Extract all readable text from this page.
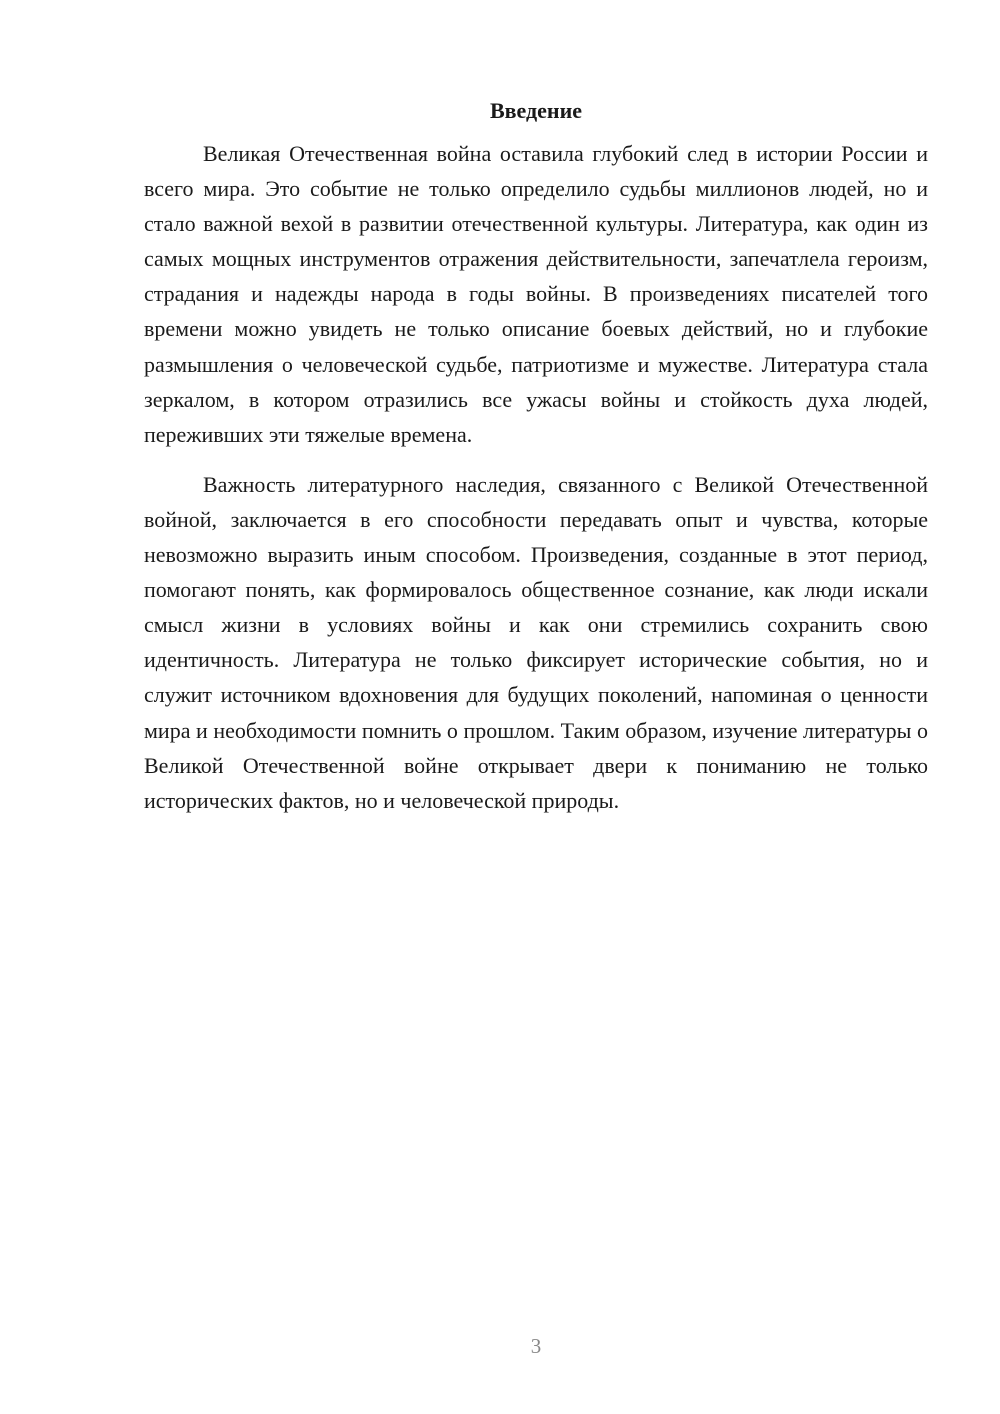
Введение

Великая Отечественная война оставила глубокий след в истории России и всего мира. Это событие не только определило судьбы миллионов людей, но и стало важной вехой в развитии отечественной культуры. Литература, как один из самых мощных инструментов отражения действительности, запечатлела героизм, страдания и надежды народа в годы войны. В произведениях писателей того времени можно увидеть не только описание боевых действий, но и глубокие размышления о человеческой судьбе, патриотизме и мужестве. Литература стала зеркалом, в котором отразились все ужасы войны и стойкость духа людей, переживших эти тяжелые времена.

Важность литературного наследия, связанного с Великой Отечественной войной, заключается в его способности передавать опыт и чувства, которые невозможно выразить иным способом. Произведения, созданные в этот период, помогают понять, как формировалось общественное сознание, как люди искали смысл жизни в условиях войны и как они стремились сохранить свою идентичность. Литература не только фиксирует исторические события, но и служит источником вдохновения для будущих поколений, напоминая о ценности мира и необходимости помнить о прошлом. Таким образом, изучение литературы о Великой Отечественной войне открывает двери к пониманию не только исторических фактов, но и человеческой природы.

3
